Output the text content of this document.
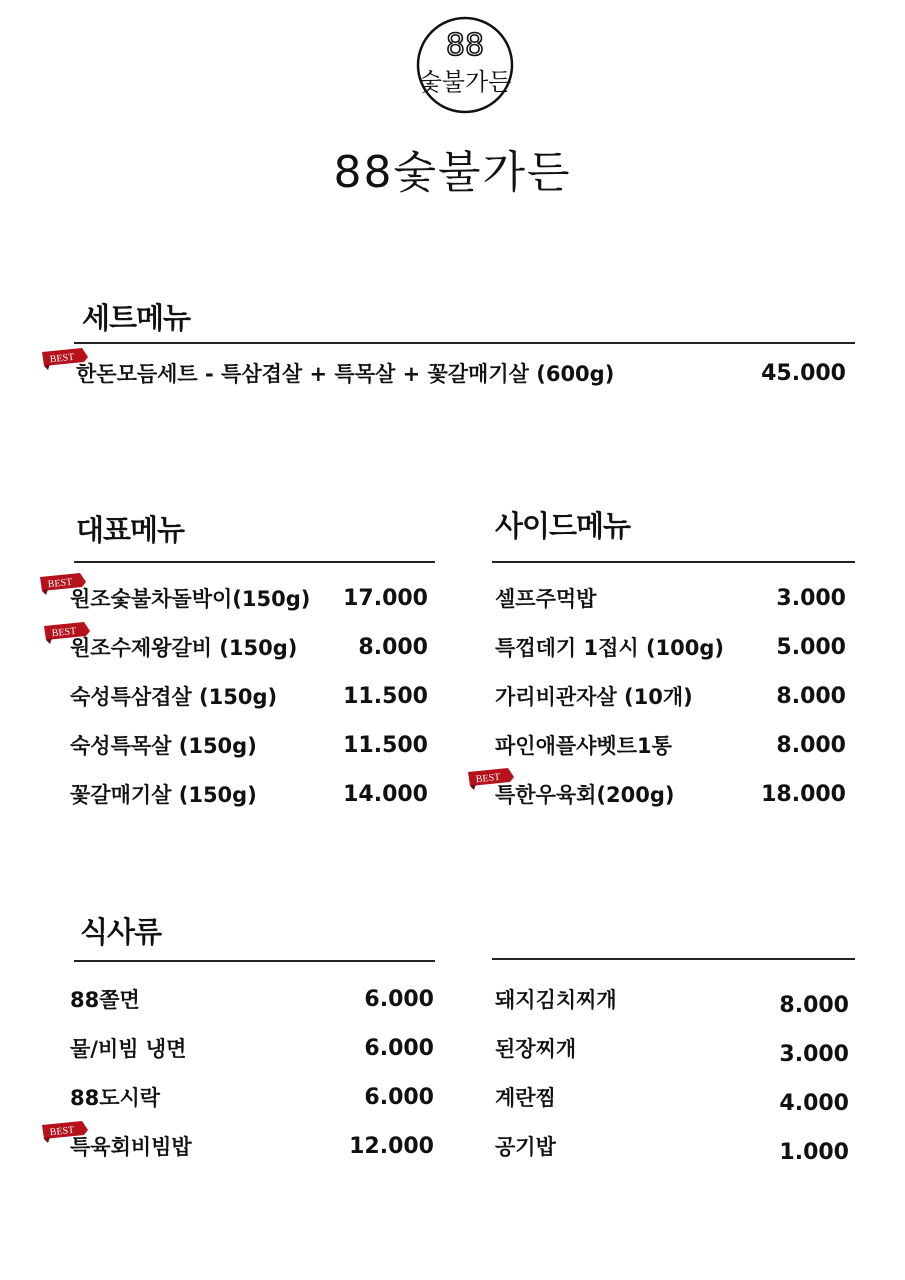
88
숯불가든
88숯불가든
세트메뉴
BEST
한돈모듬세트 - 특삼겹살 + 특목살 + 꽃갈매기살 (600g)	45.000
대표메뉴
BEST
원조숯불차돌박이(150g)	17.000
BEST
원조수제왕갈비 (150g)	8.000
숙성특삼겹살 (150g)	11.500
숙성특목살 (150g)	11.500
꽃갈매기살 (150g)	14.000
사이드메뉴
셀프주먹밥	3.000
특껍데기 1접시 (100g)	5.000
가리비관자살 (10개)	8.000
파인애플샤벳트1통	8.000
BEST
특한우육회(200g)	18.000
식사류
88쫄면	6.000
물/비빔 냉면	6.000
88도시락	6.000
BEST
특육회비빔밥	12.000
돼지김치찌개	8.000
된장찌개	3.000
계란찜	4.000
공기밥	1.000
